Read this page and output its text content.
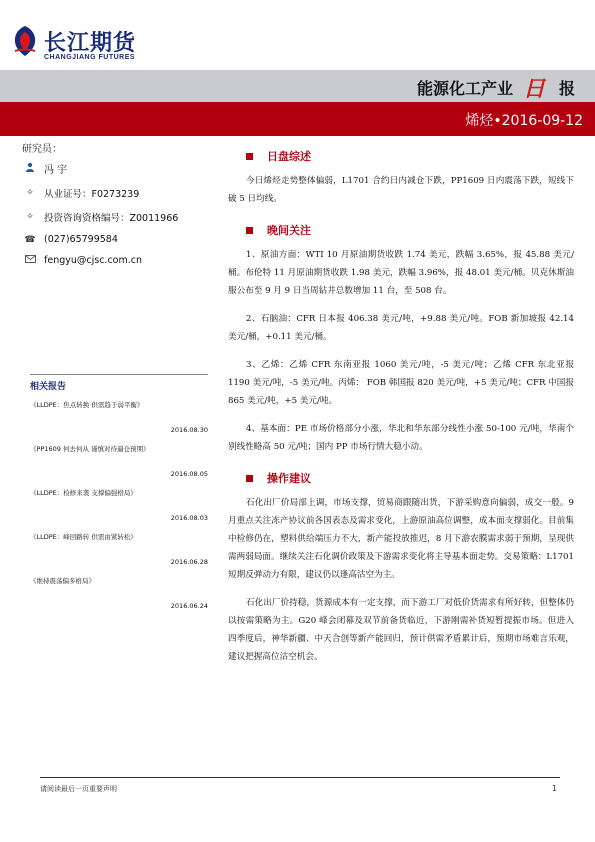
长江期货
CHANGJIANG FUTURES
能源化工产业 日 报
烯烃•2016-09-12
研究员：
冯 宇
✧	从业证号：F0273239
✧	投资咨询资格编号：Z0011966
☎ (027)65799584
fengyu@cjsc.com.cn
相关报告
《LLDPE：焦点转换 供需趋于弱平衡》
2016.08.30
《PP1609 何去何从 谨慎对待逼仓预期》
2016.08.05
《LLDPE：检修来袭 支撑偏强格局》
2016.08.03
《LLDPE：峰回路转 供需由紧转松》
2016.06.28
《维持震荡偏多格局》
2016.06.24
日盘综述

今日烯烃走势整体偏弱，L1701 合约日内减仓下跌，PP1609 日内震荡下跌，短线下破 5 日均线。

晚间关注

1、原油方面：WTI 10 月原油期货收跌 1.74 美元，跌幅 3.65%，报 45.88 美元/桶。布伦特 11 月原油期货收跌 1.98 美元，跌幅 3.96%，报 48.01 美元/桶。贝克休斯油服公布至 9 月 9 日当周钻井总数增加 11 台，至 508 台。

2、石脑油：CFR 日本报 406.38 美元/吨，+9.88 美元/吨。FOB 新加坡报 42.14 美元/桶，+0.11 美元/桶。

3、乙烯：乙烯 CFR 东南亚报 1060 美元/吨，-5 美元/吨；乙烯 CFR 东北亚报 1190 美元/吨，-5 美元/吨。丙烯： FOB 韩国报 820 美元/吨，+5 美元/吨；CFR 中国报 865 美元/吨，+5 美元/吨。

4、基本面：PE 市场价格部分小涨，华北和华东部分线性小涨 50-100 元/吨，华南个别线性略高 50 元/吨；国内 PP 市场行情大稳小动。

操作建议

石化出厂价局部上调，市场支撑，贸易商跟随出货，下游采购意向偏弱，成交一般。9 月重点关注冻产协议前各国表态及需求变化，上游原油高位调整，成本面支撑弱化。目前集中检修仍在，塑料供给端压力不大，新产能投放推迟，8 月下游农膜需求弱于预期，呈现供需两弱局面。继续关注石化调价政策及下游需求变化将主导基本面走势。交易策略：L1701 短期反弹动力有限，建议仍以逢高沽空为主。

石化出厂价持稳，货源成本有一定支撑，而下游工厂对低价货需求有所好转，但整体仍以按需策略为主。G20 峰会闭幕及双节前备货临近，下游刚需补货短暂提振市场。但进入四季度后，神华新疆、中天合创等新产能回归，预计供需矛盾累计后，预期市场难言乐观，建议把握高位沽空机会。

请阅读最后一页重要声明	1
